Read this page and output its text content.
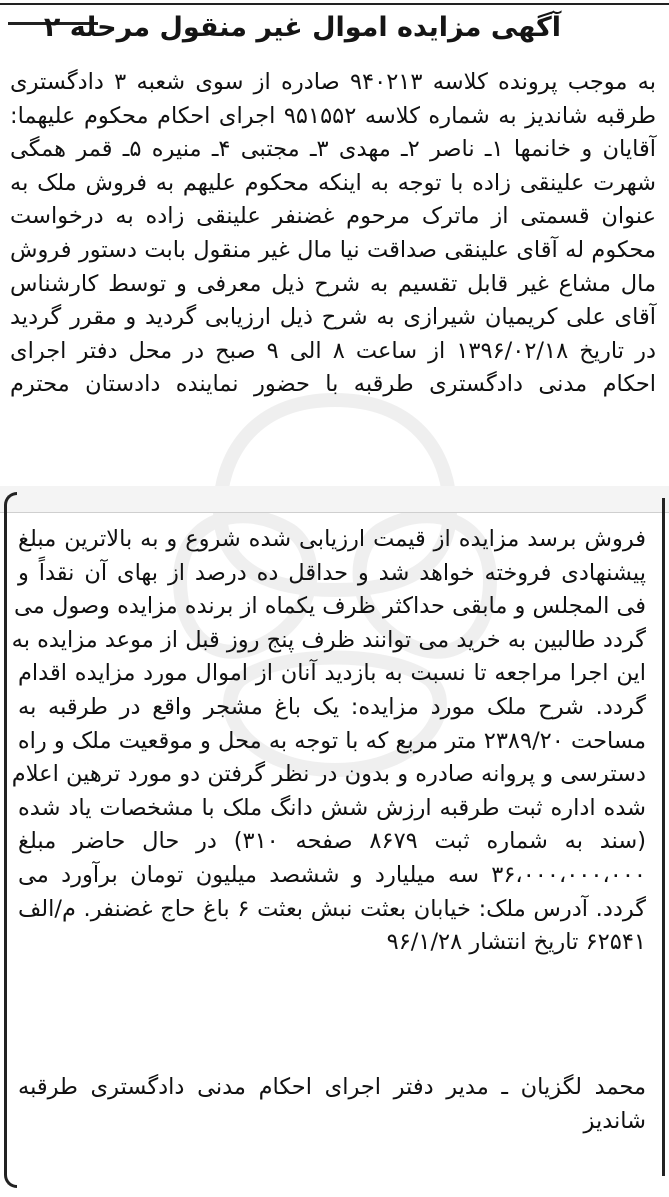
آگهی مزایده اموال غیر منقول مرحله ۲

به موجب پرونده کلاسه ۹۴۰۲۱۳ صادره از سوی شعبه ۳ دادگستری
طرقبه شاندیز به شماره کلاسه ۹۵۱۵۵۲ اجرای احکام محکوم علیهما:
آقایان و خانمها ۱ـ ناصر ۲ـ مهدی ۳ـ مجتبی ۴ـ منیره ۵ـ قمر همگی
شهرت علینقی زاده با توجه به اینکه محکوم علیهم به فروش ملک به
عنوان قسمتی از ماترک مرحوم غضنفر علینقی زاده به درخواست
محکوم له آقای علینقی صداقت نیا مال غیر منقول بابت دستور فروش
مال مشاع غیر قابل تقسیم به شرح ذیل معرفی و توسط کارشناس
آقای علی کریمیان شیرازی به شرح ذیل ارزیابی گردید و مقرر گردید
در تاریخ ۱۳۹۶/۰۲/۱۸ از ساعت ۸ الی ۹ صبح در محل دفتر اجرای
احکام مدنی دادگستری طرقبه با حضور نماینده دادستان محترم

فروش برسد مزایده از قیمت ارزیابی شده شروع و به بالاترین مبلغ
پیشنهادی فروخته خواهد شد و حداقل ده درصد از بهای آن نقداً و
فی المجلس و مابقی حداکثر ظرف یکماه از برنده مزایده وصول می
گردد طالبین به خرید می توانند ظرف پنج روز قبل از موعد مزایده به
این اجرا مراجعه تا نسبت به بازدید آنان از اموال مورد مزایده اقدام
گردد. شرح ملک مورد مزایده: یک باغ مشجر واقع در طرقبه به
مساحت ۲۳۸۹/۲۰ متر مربع که با توجه به محل و موقعیت ملک و راه
دسترسی و پروانه صادره و بدون در نظر گرفتن دو مورد ترهین اعلام
شده اداره ثبت طرقبه ارزش شش دانگ ملک با مشخصات یاد شده
(سند به شماره ثبت ۸۶۷۹ صفحه ۳۱۰) در حال حاضر مبلغ
۳۶،۰۰۰،۰۰۰،۰۰۰ سه میلیارد و ششصد میلیون تومان برآورد می
گردد. آدرس ملک: خیابان بعثت نبش بعثت ۶ باغ حاج غضنفر. م/الف
۶۲۵۴۱ تاریخ انتشار ۹۶/۱/۲۸

محمد لگزیان ـ مدیر دفتر اجرای احکام مدنی دادگستری طرقبه
شاندیز
